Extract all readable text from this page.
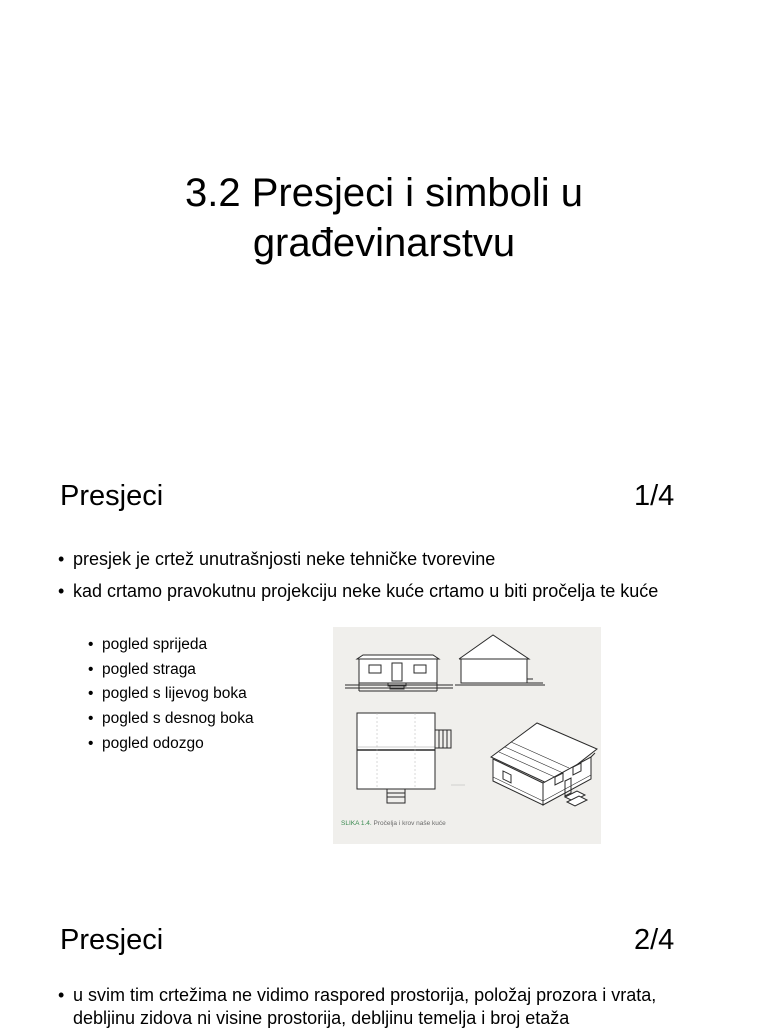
3.2 Presjeci i simboli u
građevinarstvu
Presjeci	1/4
• presjek je crtež unutrašnjosti neke tehničke tvorevine
• kad crtamo pravokutnu projekciju neke kuće crtamo u biti pročelja te kuće
• pogled sprijeda
• pogled straga
• pogled s lijevog boka
• pogled s desnog boka
• pogled odozgo
SLIKA 1.4. Pročelja i krov naše kuće
Presjeci	2/4
• u svim tim crtežima ne vidimo raspored prostorija, položaj prozora i vrata, debljinu zidova ni visine prostorija, debljinu temelja i broj etaža
